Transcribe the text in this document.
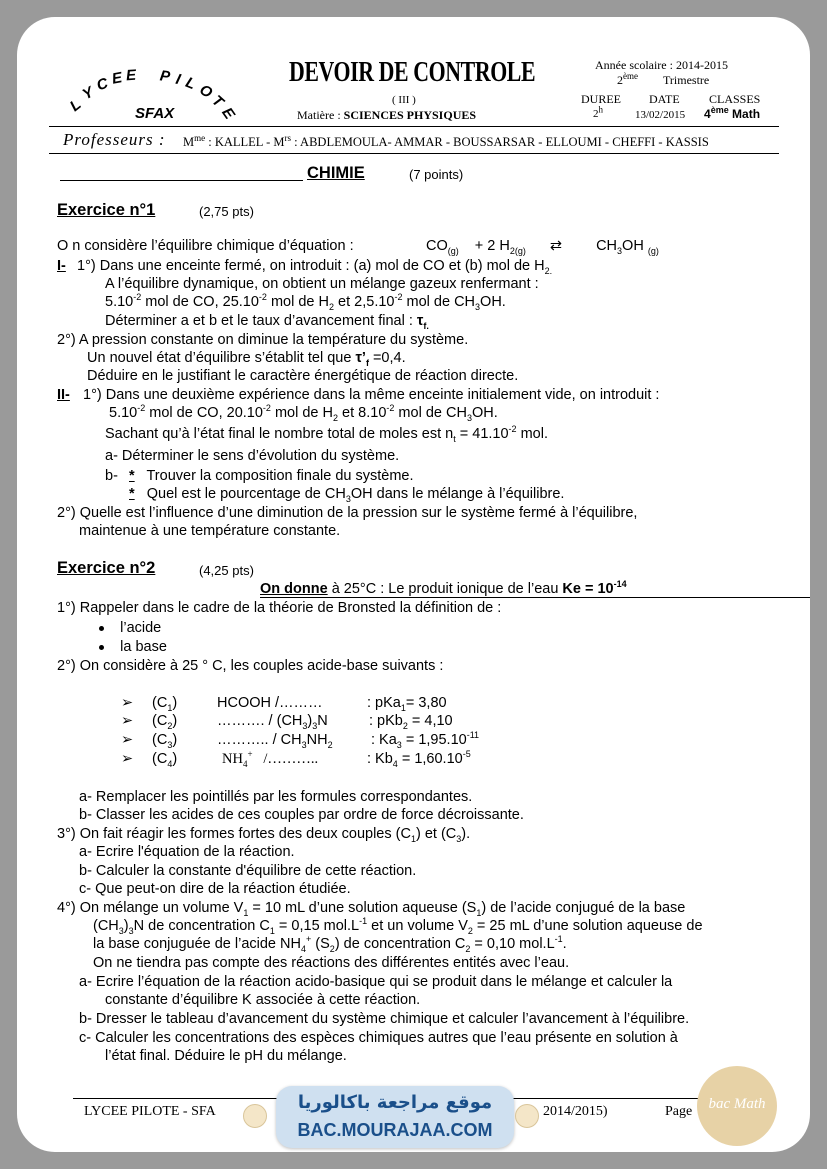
L
Y
C E E P I L
O
T
E
SFAX
DEVOIR DE CONTROLE
( III )
Matière : SCIENCES PHYSIQUES
Année scolaire : 2014-2015
2ème Trimestre
DUREE DATE CLASSES
2$^h$	13/02/2015 4ème Math
Professeurs : $M^{me}$ : KALLEL - $M^{rs}$ : ABDLEMOULA- AMMAR - BOUSSARSAR - ELLOUMI - CHEFFI - KASSIS
CHIMIE	(7 points)
Exercice n°1	(2,75 pts)
O n considère l’équilibre chimique d’équation :	$CO_{(g)} + 2$ $H_{2(g)}$ ⇄ $CH_3OH$ $_{(g)}$
I- 1°) Dans une enceinte fermé, on introduit : (a) mol de CO et (b) mol de $H_{2.}$
A l’équilibre dynamique, on obtient un mélange gazeux renfermant :
$5.10^{-2}$ mol de CO, $25.10^{-2}$ mol de $H_2$ et $2,5.10^{-2}$ mol de $CH_3OH$.
Déterminer a et b et le taux d’avancement final : $\tau_{f.}$
2°) A pression constante on diminue la température du système.
Un nouvel état d’équilibre s’établit tel que $\tau’_f =0,4$.
Déduire en le justifiant le caractère énergétique de réaction directe.
II- 1°) Dans une deuxième expérience dans la même enceinte initialement vide, on introduit :
$5.10^{-2}$ mol de CO, $20.10^{-2}$ mol de $H_2$ et $8.10^{-2}$ mol de $CH_3OH$.
Sachant qu’à l’état final le nombre total de moles est $n_t = 41.10^{-2}$ mol.
a- Déterminer le sens d’évolution du système.
b- * Trouver la composition finale du système.
* Quel est le pourcentage de $CH_3OH$ dans le mélange à l’équilibre.
2°) Quelle est l’influence d’une diminution de la pression sur le système fermé à l’équilibre,
maintenue à une température constante.
Exercice n°2	(4,25 pts)
On donne à 25°C : Le produit ionique de l’eau $Ke = 10^{-14}$
1°) Rappeler dans le cadre de la théorie de Bronsted la définition de :
l’acide
la base
2°) On considère à 25 ° C, les couples acide-base suivants :
➢ $(C_1)$	HCOOH /………	: pKa$_1$= 3,80
➢ $(C_2)$	………. / $(CH_3)_3N$	: pKb$_2$ = 4,10
➢ $(C_3)$	……….. / $CH_3NH_2$	: $Ka_3 = 1,95.10^{-11}$
➢ $(C_4)$	$NH_4^+$   /………..	: $Kb_4 = 1,60.10^{-5}$
a- Remplacer les pointillés par les formules correspondantes.
b- Classer les acides de ces couples par ordre de force décroissante.
3°) On fait réagir les formes fortes des deux couples $(C_1)$ et $(C_3)$.
a- Ecrire l'équation de la réaction.
b- Calculer la constante d'équilibre de cette réaction.
c- Que peut-on dire de la réaction étudiée.
4°) On mélange un volume $V_1 = 10$ mL d’une solution aqueuse $(S_1)$ de l’acide conjugué de la base
$(CH_3)_3N$ de concentration $C_1 = 0,15$ $mol.L^{-1}$ et un volume $V_2 = 25$ mL d’une solution aqueuse de
la base conjuguée de l’acide $NH_4^+$ $(S_2)$ de concentration $C_2 = 0,10$ $mol.L^{-1}$.
On ne tiendra pas compte des réactions des différentes entités avec l’eau.
a- Ecrire l’équation de la réaction acido-basique qui se produit dans le mélange et calculer la
constante d’équilibre K associée à cette réaction.
b- Dresser le tableau d’avancement du système chimique et calculer l’avancement à l’équilibre.
c- Calculer les concentrations des espèces chimiques autres que l’eau présente en solution à
l’état final. Déduire le pH du mélange.
LYCEE PILOTE - SFA	2014/2015)	Page
موقع مراجعة باكالوريا
BAC.MOURAJAA.COM
bac Math
